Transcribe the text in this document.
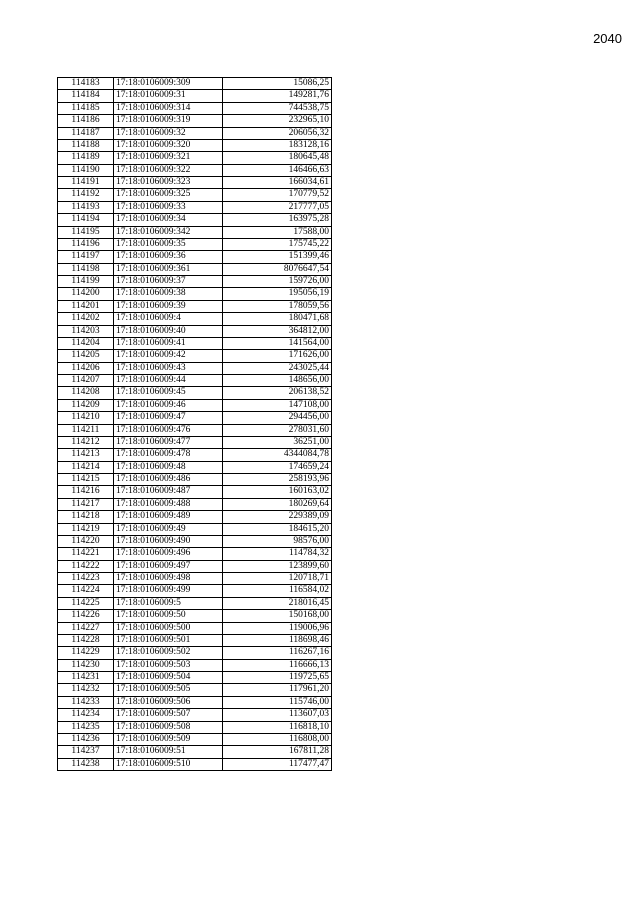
2040
114183	17:18:0106009:309	15086,25
114184	17:18:0106009:31	149281,76
114185	17:18:0106009:314	744538,75
114186	17:18:0106009:319	232965,10
114187	17:18:0106009:32	206056,32
114188	17:18:0106009:320	183128,16
114189	17:18:0106009:321	180645,48
114190	17:18:0106009:322	146466,63
114191	17:18:0106009:323	166034,61
114192	17:18:0106009:325	170779,52
114193	17:18:0106009:33	217777,05
114194	17:18:0106009:34	163975,28
114195	17:18:0106009:342	17588,00
114196	17:18:0106009:35	175745,22
114197	17:18:0106009:36	151399,46
114198	17:18:0106009:361	8076647,54
114199	17:18:0106009:37	159726,00
114200	17:18:0106009:38	195056,19
114201	17:18:0106009:39	178059,56
114202	17:18:0106009:4	180471,68
114203	17:18:0106009:40	364812,00
114204	17:18:0106009:41	141564,00
114205	17:18:0106009:42	171626,00
114206	17:18:0106009:43	243025,44
114207	17:18:0106009:44	148656,00
114208	17:18:0106009:45	206138,52
114209	17:18:0106009:46	147108,00
114210	17:18:0106009:47	294456,00
114211	17:18:0106009:476	278031,60
114212	17:18:0106009:477	36251,00
114213	17:18:0106009:478	4344084,78
114214	17:18:0106009:48	174659,24
114215	17:18:0106009:486	258193,96
114216	17:18:0106009:487	160163,02
114217	17:18:0106009:488	180269,64
114218	17:18:0106009:489	229389,09
114219	17:18:0106009:49	184615,20
114220	17:18:0106009:490	98576,00
114221	17:18:0106009:496	114784,32
114222	17:18:0106009:497	123899,60
114223	17:18:0106009:498	120718,71
114224	17:18:0106009:499	116584,02
114225	17:18:0106009:5	218016,45
114226	17:18:0106009:50	150168,00
114227	17:18:0106009:500	119006,96
114228	17:18:0106009:501	118698,46
114229	17:18:0106009:502	116267,16
114230	17:18:0106009:503	116666,13
114231	17:18:0106009:504	119725,65
114232	17:18:0106009:505	117961,20
114233	17:18:0106009:506	115746,00
114234	17:18:0106009:507	113607,03
114235	17:18:0106009:508	116818,10
114236	17:18:0106009:509	116808,00
114237	17:18:0106009:51	167811,28
114238	17:18:0106009:510	117477,47
